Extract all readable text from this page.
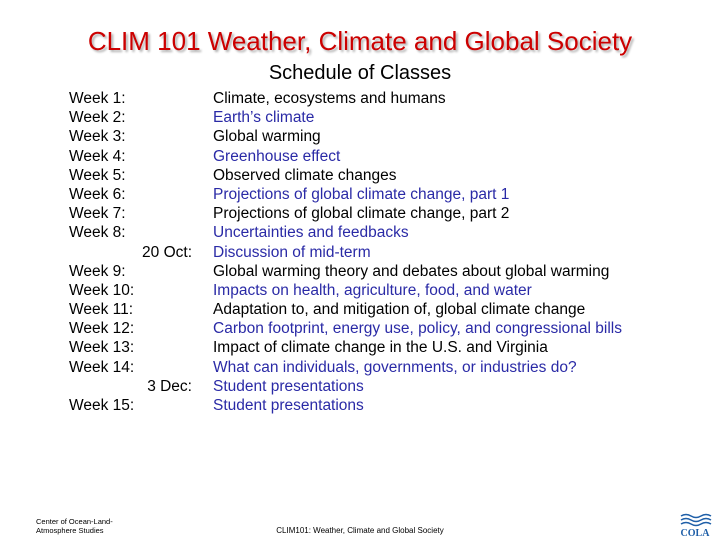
CLIM 101 Weather, Climate and Global Society
Schedule of Classes
Week 1:	Climate, ecosystems and humans
Week 2:	Earth’s climate
Week 3:	Global warming
Week 4:	Greenhouse effect
Week 5:	Observed climate changes
Week 6:	Projections of global climate change, part 1
Week 7:	Projections of global climate change, part 2
Week 8:	Uncertainties and feedbacks
20 Oct: Discussion of mid-term
Week 9:	Global warming theory and debates about global warming
Week 10:	Impacts on health, agriculture, food, and water
Week 11:	Adaptation to, and mitigation of, global climate change
Week 12:	Carbon footprint, energy use, policy, and congressional bills
Week 13:	Impact of climate change in the U.S. and Virginia
Week 14:	What can individuals, governments, or industries do?
3 Dec: Student presentations
Week 15:	Student presentations
Center of Ocean-Land-
Atmosphere Studies	CLIM101: Weather, Climate and Global Society	COLA
